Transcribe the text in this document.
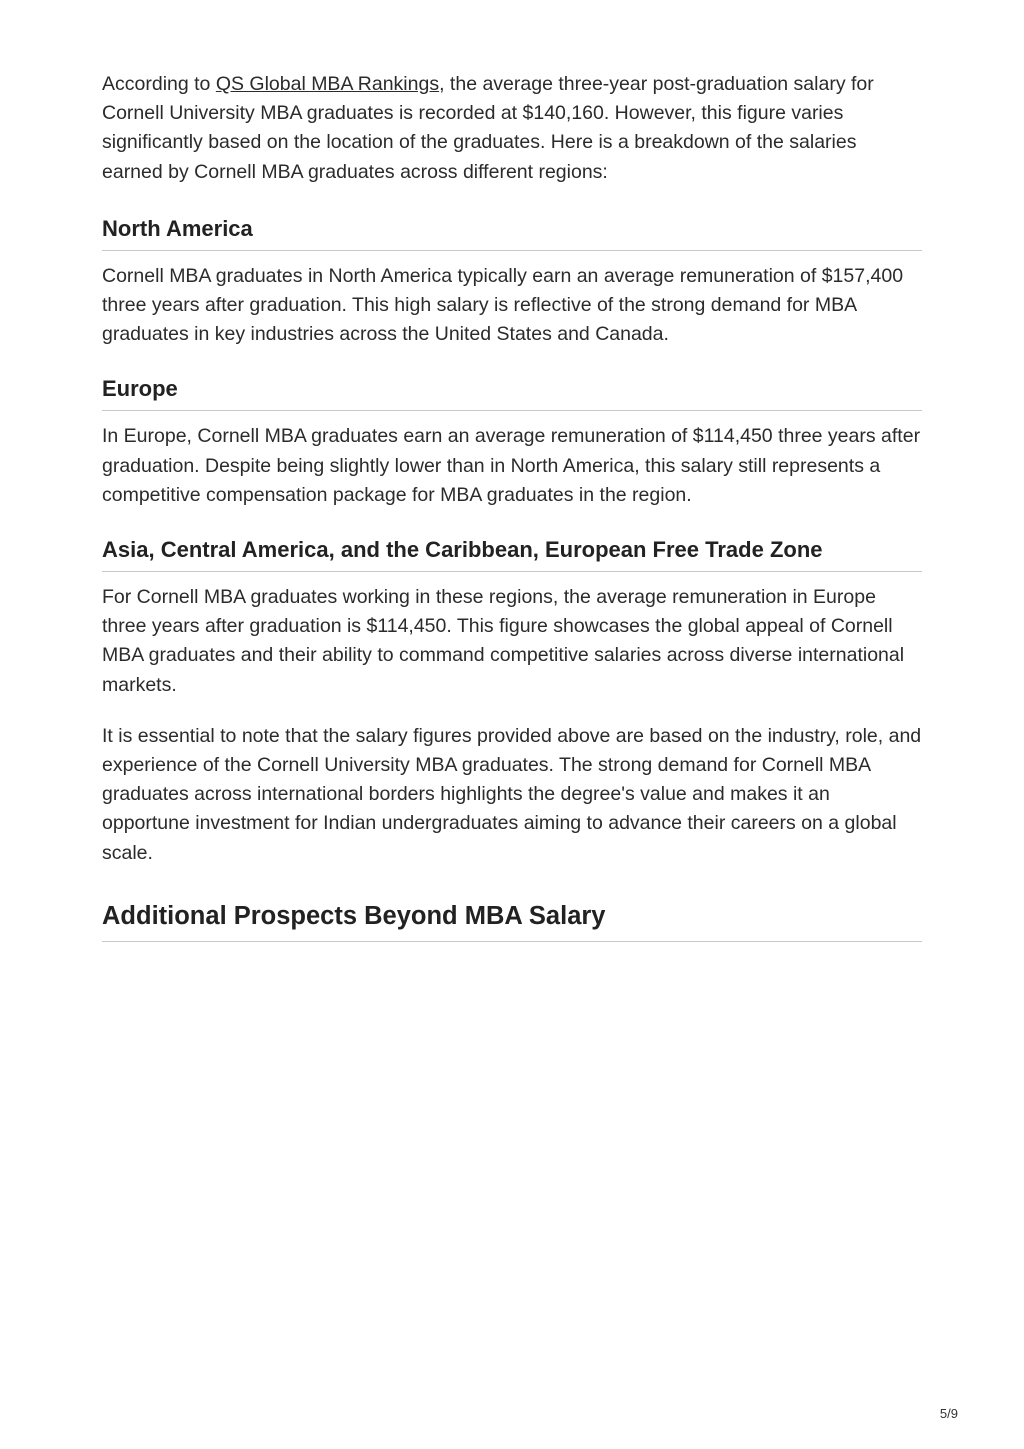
According to QS Global MBA Rankings, the average three-year post-graduation salary for Cornell University MBA graduates is recorded at $140,160. However, this figure varies significantly based on the location of the graduates. Here is a breakdown of the salaries earned by Cornell MBA graduates across different regions:

North America

Cornell MBA graduates in North America typically earn an average remuneration of $157,400 three years after graduation. This high salary is reflective of the strong demand for MBA graduates in key industries across the United States and Canada.

Europe

In Europe, Cornell MBA graduates earn an average remuneration of $114,450 three years after graduation. Despite being slightly lower than in North America, this salary still represents a competitive compensation package for MBA graduates in the region.

Asia, Central America, and the Caribbean, European Free Trade Zone

For Cornell MBA graduates working in these regions, the average remuneration in Europe three years after graduation is $114,450. This figure showcases the global appeal of Cornell MBA graduates and their ability to command competitive salaries across diverse international markets.

It is essential to note that the salary figures provided above are based on the industry, role, and experience of the Cornell University MBA graduates. The strong demand for Cornell MBA graduates across international borders highlights the degree's value and makes it an opportune investment for Indian undergraduates aiming to advance their careers on a global scale.

Additional Prospects Beyond MBA Salary
5/9
